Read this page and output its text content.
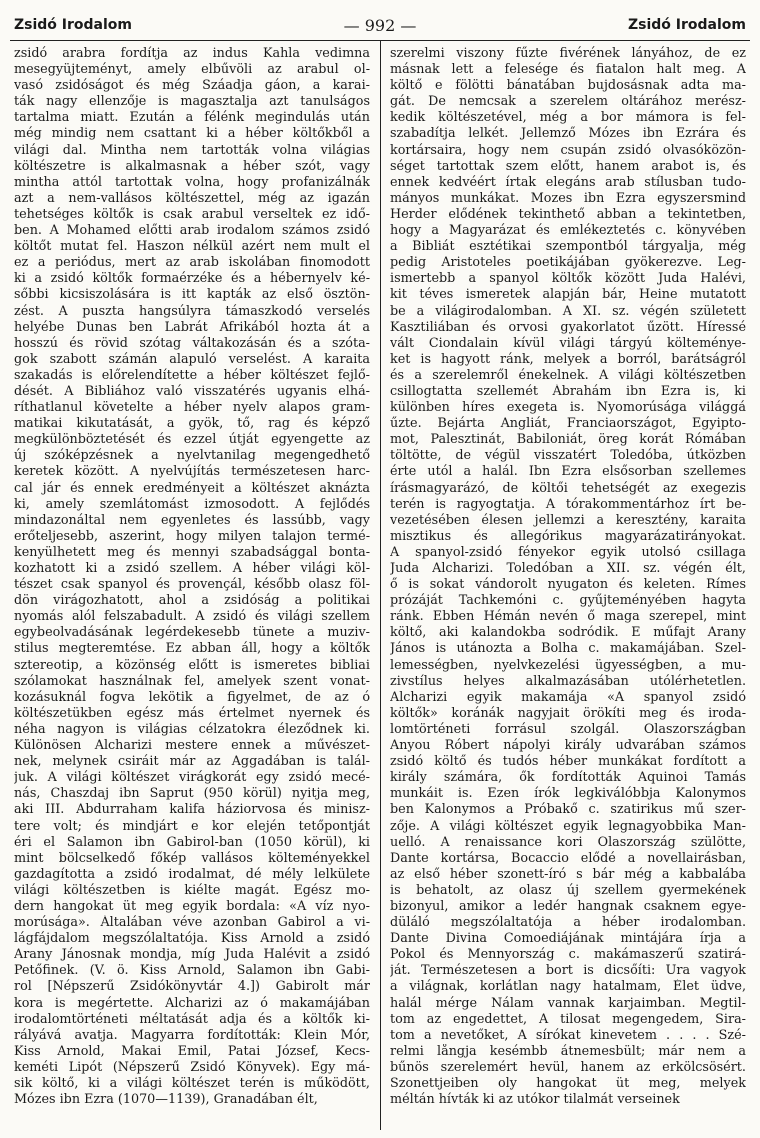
Zsidó Irodalom
—	992 —	Zsidó Irodalom
zsidó arabra fordítja az indus Kahla vedimna
mesegyüjteményt, amely elbűvöli az arabul ol-
vasó zsidóságot és még Száadja gáon, a karai-
ták nagy ellenzője is magasztalja azt tanulságos
tartalma miatt. Ezután a félénk megindulás után
még mindig nem csattant ki a héber költőkből a
világi dal. Mintha nem tartották volna világias
költészetre is alkalmasnak a héber szót, vagy
mintha attól tartottak volna, hogy profanizálnák
azt a nem-vallásos költészettel, még az igazán
tehetséges költők is csak arabul verseltek ez idő-
ben. A Mohamed előtti arab irodalom számos zsidó
költőt mutat fel. Haszon nélkül azért nem mult el
ez a periódus, mert az arab iskolában finomodott
ki a zsidó költők formaérzéke és a hébernyelv ké-
sőbbi kicsiszolására is itt kapták az első ösztön-
zést. A puszta hangsúlyra támaszkodó verselés
helyébe Dunas ben Labrát Afrikából hozta át a
hosszú és rövid szótag váltakozásán és a szóta-
gok szabott számán alapuló verselést. A karaita
szakadás is előrelendítette a héber költészet fejlő-
dését. A Bibliához való visszatérés ugyanis elhá-
ríthatlanul követelte a héber nyelv alapos gram-
matikai kikutatását, a gyök, tő, rag és képző
megkülönböztetését és ezzel útját egyengette az
új szóképzésnek a nyelvtanilag megengedhető
keretek között. A nyelvújítás természetesen harc-
cal jár és ennek eredményeit a költészet aknázta
ki, amely szemlátomást izmosodott. A fejlődés
mindazonáltal nem egyenletes és lassúbb, vagy
erőteljesebb, aszerint, hogy milyen talajon termé-
kenyülhetett meg és mennyi szabadsággal bonta-
kozhatott ki a zsidó szellem. A héber világi köl-
tészet csak spanyol és provençál, később olasz föl-
dön virágozhatott, ahol a zsidóság a politikai
nyomás alól felszabadult. A zsidó és világi szellem
egybeolvadásának legérdekesebb tünete a muziv-
stilus megteremtése. Ez abban áll, hogy a költők
sztereotip, a közönség előtt is ismeretes bibliai
szólamokat használnak fel, amelyek szent vonat-
kozásuknál fogva lekötik a figyelmet, de az ó
költészetükben egész más értelmet nyernek és
néha nagyon is világias célzatokra éleződnek ki.
Különösen Alcharizi mestere ennek a művészet-
nek, melynek csiráit már az Aggadában is talál-
juk. A világi költészet virágkorát egy zsidó mecé-
nás, Chaszdaj ibn Saprut (950 körül) nyitja meg,
aki III. Abdurraham kalifa háziorvosa és minisz-
tere volt; és mindjárt e kor elején tetőpontját
éri el Salamon ibn Gabirol-ban (1050 körül), ki
mint bölcselkedő főkép vallásos költeményekkel
gazdagította a zsidó irodalmat, dé mély lelkülete
világi költészetben is kiélte magát. Egész mo-
dern hangokat üt meg egyik bordala: «A víz nyo-
morúsága». Általában véve azonban Gabirol a vi-
lágfájdalom megszólaltatója. Kiss Arnold a zsidó
Arany Jánosnak mondja, míg Juda Halévit a zsidó
Petőfinek. (V. ö. Kiss Arnold, Salamon ibn Gabi-
rol [Népszerű Zsidókönyvtár 4.]) Gabirolt már
kora is megértette. Alcharizi az ó makamájában
irodalomtörténeti méltatását adja és a költők ki-
rályává avatja. Magyarra fordították: Klein Mór,
Kiss Arnold, Makai Emil, Patai József, Kecs-
keméti Lipót (Népszerű Zsidó Könyvek). Egy má-
sik költő, ki a világi költészet terén is működött,
Mózes ibn Ezra (1070—1139), Granadában élt,
szerelmi viszony fűzte fivérének lányához, de ez
másnak lett a felesége és fiatalon halt meg. A
költő e fölötti bánatában bujdosásnak adta ma-
gát. De nemcsak a szerelem oltárához merész-
kedik költészetével, még a bor mámora is fel-
szabadítja lelkét. Jellemző Mózes ibn Ezrára és
kortársaira, hogy nem csupán zsidó olvasóközön-
séget tartottak szem előtt, hanem arabot is, és
ennek kedvéért írtak elegáns arab stílusban tudo-
mányos munkákat. Mozes ibn Ezra egyszersmind
Herder elődének tekinthető abban a tekintetben,
hogy a Magyarázat és emlékeztetés c. könyvében
a Bibliát esztétikai szempontból tárgyalja, még
pedig Aristoteles poetikájában gyökerezve. Leg-
ismertebb a spanyol költők között Juda Halévi,
kit téves ismeretek alapján bár, Heine mutatott
be a világirodalomban. A XI. sz. végén született
Kasztiliában és orvosi gyakorlatot űzött. Híressé
vált Ciondalain kívül világi tárgyú költeménye-
ket is hagyott ránk, melyek a borról, barátságról
és a szerelemről énekelnek. A világi költészetben
csillogtatta szellemét Ábrahám ibn Ezra is, ki
különben híres exegeta is. Nyomorúsága világgá
űzte. Bejárta Angliát, Franciaországot, Egyipto-
mot, Palesztinát, Babiloniát, öreg korát Rómában
töltötte, de végül visszatért Toledóba, útközben
érte utól a halál. Ibn Ezra elsősorban szellemes
írásmagyarázó, de költői tehetségét az exegezis
terén is ragyogtatja. A tórakommentárhoz írt be-
vezetésében élesen jellemzi a keresztény, karaita
misztikus és allegórikus magyarázatirányokat.
A spanyol-zsidó fényekor egyik utolsó csillaga
Juda Alcharizi. Toledóban a XII. sz. végén élt,
ő is sokat vándorolt nyugaton és keleten. Rímes
prózáját Tachkemóni c. gyűjteményében hagyta
ránk. Ebben Hémán nevén ő maga szerepel, mint
költő, aki kalandokba sodródik. E műfajt Arany
János is utánozta a Bolha c. makamájában. Szel-
lemességben, nyelvkezelési ügyességben, a mu-
zivstílus helyes alkalmazásában utólérhetetlen.
Alcharizi egyik makamája «A spanyol zsidó
költők» koránák nagyjait örökíti meg és iroda-
lomtörténeti forrásul szolgál. Olaszországban
Anyou Róbert nápolyi király udvarában számos
zsidó költő és tudós héber munkákat fordított a
király számára, ők fordították Aquinoi Tamás
munkáit is. Ezen írók legkiválóbbja Kalonymos
ben Kalonymos a Próbakő c. szatirikus mű szer-
zője. A világi költészet egyik legnagyobbika Man-
uelló. A renaissance kori Olaszország szülötte,
Dante kortársa, Bocaccio elődé a novellairásban,
az első héber szonett-író s bár még a kabbalába
is behatolt, az olasz új szellem gyermekének
bizonyul, amikor a ledér hangnak csaknem egye-
düláló megszólaltatója a héber irodalomban.
Dante Divina Comoediájának mintájára írja a
Pokol és Mennyország c. makámaszerű szatirá-
ját. Természetesen a bort is dicsőíti: Ura vagyok
a világnak, korlátlan nagy hatalmam, Élet üdve,
halál mérge Nálam vannak karjaimban. Megtil-
tom az engedettet, A tilosat megengedem, Sira-
tom a nevetőket, A sírókat kinevetem . . . . Szé-
relmi långja kesémbb átnemesbült; már nem a
bűnös szerelemért hevül, hanem az erkölcsösért.
Szonettjeiben oly hangokat üt meg, melyek
méltán hívták ki az utókor tilalmát verseinek
